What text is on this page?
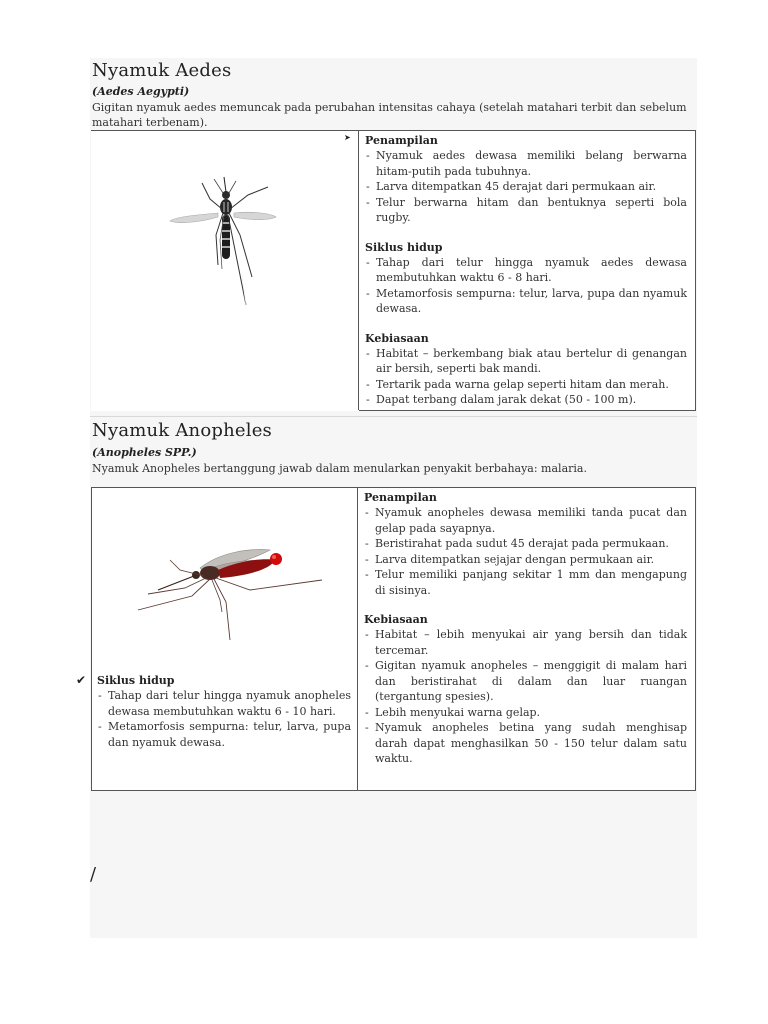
Nyamuk Aedes
(Aedes Aegypti)
Gigitan nyamuk aedes memuncak pada perubahan intensitas cahaya (setelah matahari terbit dan sebelum matahari terbenam).

Penampilan
- Nyamuk aedes dewasa memiliki belang berwarna hitam-putih pada tubuhnya.
- Larva ditempatkan 45 derajat dari permukaan air.
- Telur berwarna hitam dan bentuknya seperti bola rugby.
Siklus hidup
- Tahap dari telur hingga nyamuk aedes dewasa membutuhkan waktu 6 - 8 hari.
- Metamorfosis sempurna: telur, larva, pupa dan nyamuk dewasa.
Kebiasaan
- Habitat – berkembang biak atau bertelur di genangan air bersih, seperti bak mandi.
- Tertarik pada warna gelap seperti hitam dan merah.
- Dapat terbang dalam jarak dekat (50 - 100 m).
➤
Nyamuk Anopheles
(Anopheles SPP.)
Nyamuk Anopheles bertanggung jawab dalam menularkan penyakit berbahaya: malaria.
Siklus hidup
- Tahap dari telur hingga nyamuk anopheles dewasa membutuhkan waktu 6 - 10 hari.
- Metamorfosis sempurna: telur, larva, pupa dan nyamuk dewasa.

Penampilan
- Nyamuk anopheles dewasa memiliki tanda pucat dan gelap pada sayapnya.
- Beristirahat pada sudut 45 derajat pada permukaan.
- Larva ditempatkan sejajar dengan permukaan air.
- Telur memiliki panjang sekitar 1 mm dan mengapung di sisinya.
Kebiasaan
- Habitat – lebih menyukai air yang bersih dan tidak tercemar.
- Gigitan nyamuk anopheles – menggigit di malam hari dan beristirahat di dalam dan luar ruangan (tergantung spesies).
- Lebih menyukai warna gelap.
- Nyamuk anopheles betina yang sudah menghisap darah dapat menghasilkan 50 - 150 telur dalam satu waktu.
✔
/
